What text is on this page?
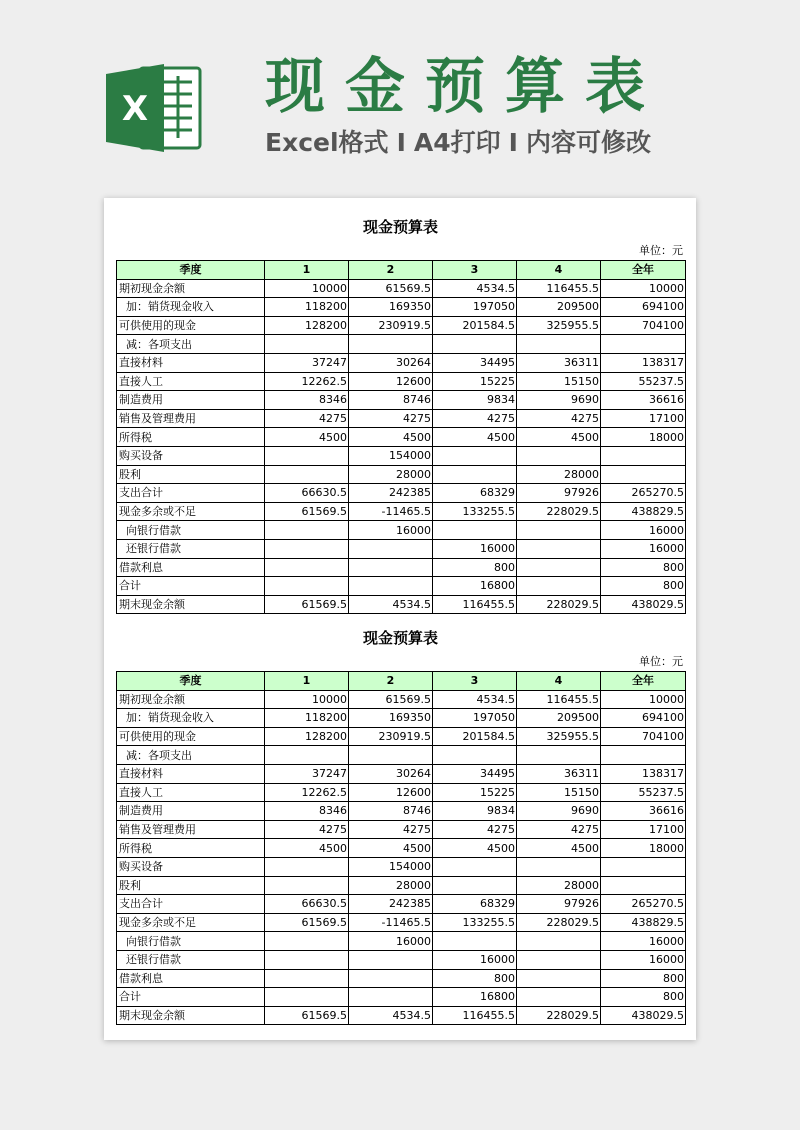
X 现金预算表
Excel格式 I A4打印 I 内容可修改
现金预算表
单位：元
季度	1	2	3	4	全年
期初现金余额	10000	61569.5	4534.5	116455.5	10000
加：销货现金收入	118200	169350	197050	209500	694100
可供使用的现金	128200	230919.5	201584.5	325955.5	704100
减：各项支出					
直接材料	37247	30264	34495	36311	138317
直接人工	12262.5	12600	15225	15150	55237.5
制造费用	8346	8746	9834	9690	36616
销售及管理费用	4275	4275	4275	4275	17100
所得税	4500	4500	4500	4500	18000
购买设备		154000			
股利		28000		28000	
支出合计	66630.5	242385	68329	97926	265270.5
现金多余或不足	61569.5	-11465.5	133255.5	228029.5	438829.5
向银行借款		16000			16000
还银行借款			16000		16000
借款利息			800		800
合计			16800		800
期末现金余额	61569.5	4534.5	116455.5	228029.5	438029.5
现金预算表
单位：元
季度	1	2	3	4	全年
期初现金余额	10000	61569.5	4534.5	116455.5	10000
加：销货现金收入	118200	169350	197050	209500	694100
可供使用的现金	128200	230919.5	201584.5	325955.5	704100
减：各项支出					
直接材料	37247	30264	34495	36311	138317
直接人工	12262.5	12600	15225	15150	55237.5
制造费用	8346	8746	9834	9690	36616
销售及管理费用	4275	4275	4275	4275	17100
所得税	4500	4500	4500	4500	18000
购买设备		154000			
股利		28000		28000	
支出合计	66630.5	242385	68329	97926	265270.5
现金多余或不足	61569.5	-11465.5	133255.5	228029.5	438829.5
向银行借款		16000			16000
还银行借款			16000		16000
借款利息			800		800
合计			16800		800
期末现金余额	61569.5	4534.5	116455.5	228029.5	438029.5
